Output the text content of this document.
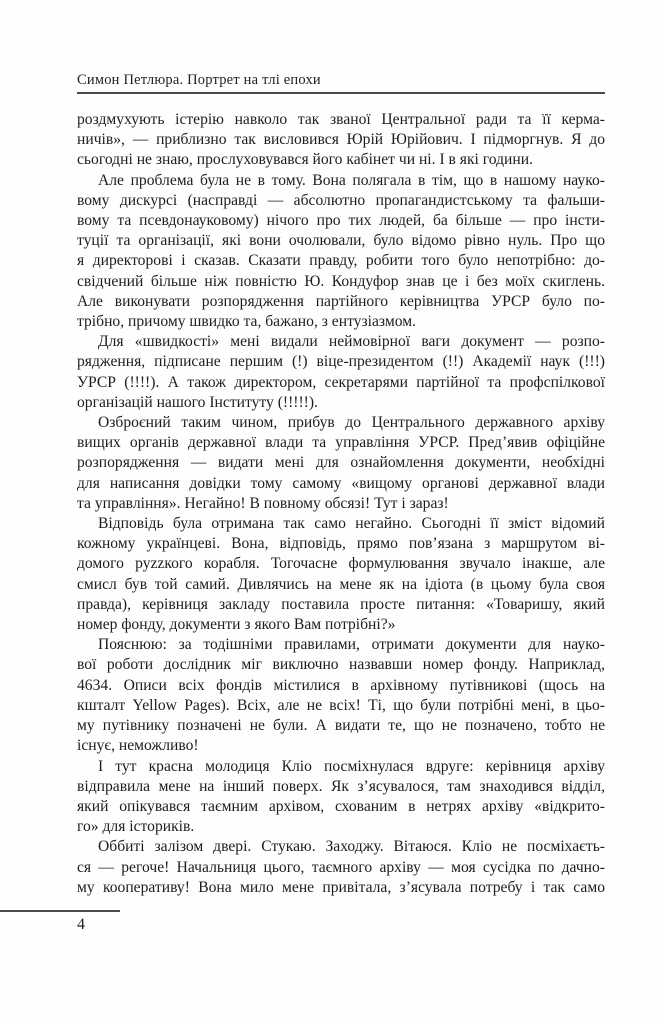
Симон Петлюра. Портрет на тлі епохи
роздмухують істерію навколо так званої Центральної ради та її керма-
ничів», — приблизно так висловився Юрій Юрійович. І підморгнув. Я до
сьогодні не знаю, прослуховувався його кабінет чи ні. І в які години.
Але проблема була не в тому. Вона полягала в тім, що в нашому науко-
вому дискурсі (насправді — абсолютно пропагандистському та фальши-
вому та псевдонауковому) нічого про тих людей, ба більше — про інсти-
туції та організації, які вони очолювали, було відомо рівно нуль. Про що
я директорові і сказав. Сказати правду, робити того було непотрібно: до-
свідчений більше ніж повністю Ю. Кондуфор знав це і без моїх скиглень.
Але виконувати розпорядження партійного керівництва УРСР було по-
трібно, причому швидко та, бажано, з ентузіазмом.
Для «швидкості» мені видали неймовірної ваги документ — розпо-
рядження, підписане першим (!) віце-президентом (!!) Академії наук (!!!)
УРСР (!!!!). А також директором, секретарями партійної та профспілкової
організацій нашого Інституту (!!!!!).
Озброєний таким чином, прибув до Центрального державного архіву
вищих органів державної влади та управління УРСР. Пред’явив офіційне
розпорядження — видати мені для ознайомлення документи, необхідні
для написання довідки тому самому «вищому органові державної влади
та управління». Негайно! В повному обсязі! Тут і зараз!
Відповідь була отримана так само негайно. Сьогодні її зміст відомий
кожному українцеві. Вона, відповідь, прямо пов’язана з маршрутом ві-
домого руzzкого корабля. Тогочасне формулювання звучало інакше, але
смисл був той самий. Дивлячись на мене як на ідіота (в цьому була своя
правда), керівниця закладу поставила просте питання: «Товаришу, який
номер фонду, документи з якого Вам потрібні?»
Пояснюю: за тодішніми правилами, отримати документи для науко-
вої роботи дослідник міг виключно назвавши номер фонду. Наприклад,
4634. Описи всіх фондів містилися в архівному путівникові (щось на
кшталт Yellow Pages). Всіх, але не всіх! Ті, що були потрібні мені, в цьо-
му путівнику позначені не були. А видати те, що не позначено, тобто не
існує, неможливо!
І тут красна молодиця Кліо посміхнулася вдруге: керівниця архіву
відправила мене на інший поверх. Як з’ясувалося, там знаходився відділ,
який опікувався таємним архівом, схованим в нетрях архіву «відкрито-
го» для істориків.
Оббиті залізом двері. Стукаю. Заходжу. Вітаюся. Кліо не посміхаєть-
ся — регоче! Начальниця цього, таємного архіву — моя сусідка по дачно-
му кооперативу! Вона мило мене привітала, з’ясувала потребу і так само
4
